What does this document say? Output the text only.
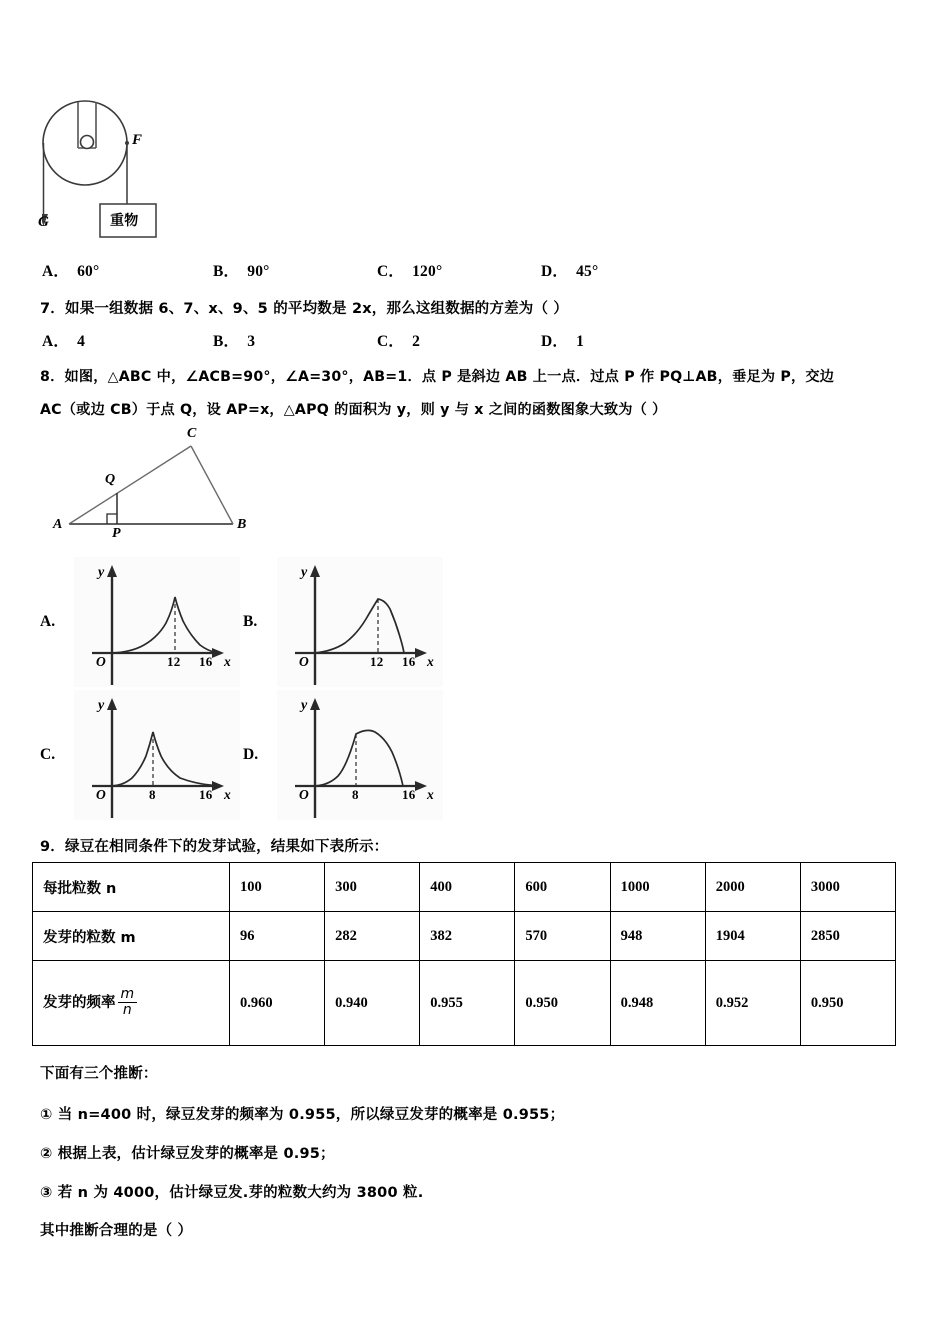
F
G	重物
A． 60°	B． 90°	C． 120°	D． 45°
7．如果一组数据 6、7、x、9、5 的平均数是 2x，那么这组数据的方差为（ ）
A． 4	B． 3	C． 2	D． 1
8．如图，△ABC 中，∠ACB=90°，∠A=30°，AB=1．点 P 是斜边 AB 上一点．过点 P 作 PQ⊥AB，垂足为 P，交边
AC（或边 CB）于点 Q，设 AP=x，△APQ 的面积为 y，则 y 与 x 之间的函数图象大致为（ ）
A	B
C
P
Q
A.
y
O	12 16 x
B.
y
O	12 16 x
C.
y
O	8	16 x
D.
y
O	8	16 x
9．绿豆在相同条件下的发芽试验，结果如下表所示：
每批粒数 n	100	300	400	600	1000	2000	3000
发芽的粒数 m	96	282	382	570	948	1904	2850
发芽的频率 $\frac{m}{n}$	0.960	0.940	0.955	0.950	0.948	0.952	0.950
下面有三个推断：
① 当 n=400 时，绿豆发芽的频率为 0.955，所以绿豆发芽的概率是 0.955；
② 根据上表，估计绿豆发芽的概率是 0.95；
③ 若 n 为 4000，估计绿豆发.芽的粒数大约为 3800 粒.
其中推断合理的是（ ）
